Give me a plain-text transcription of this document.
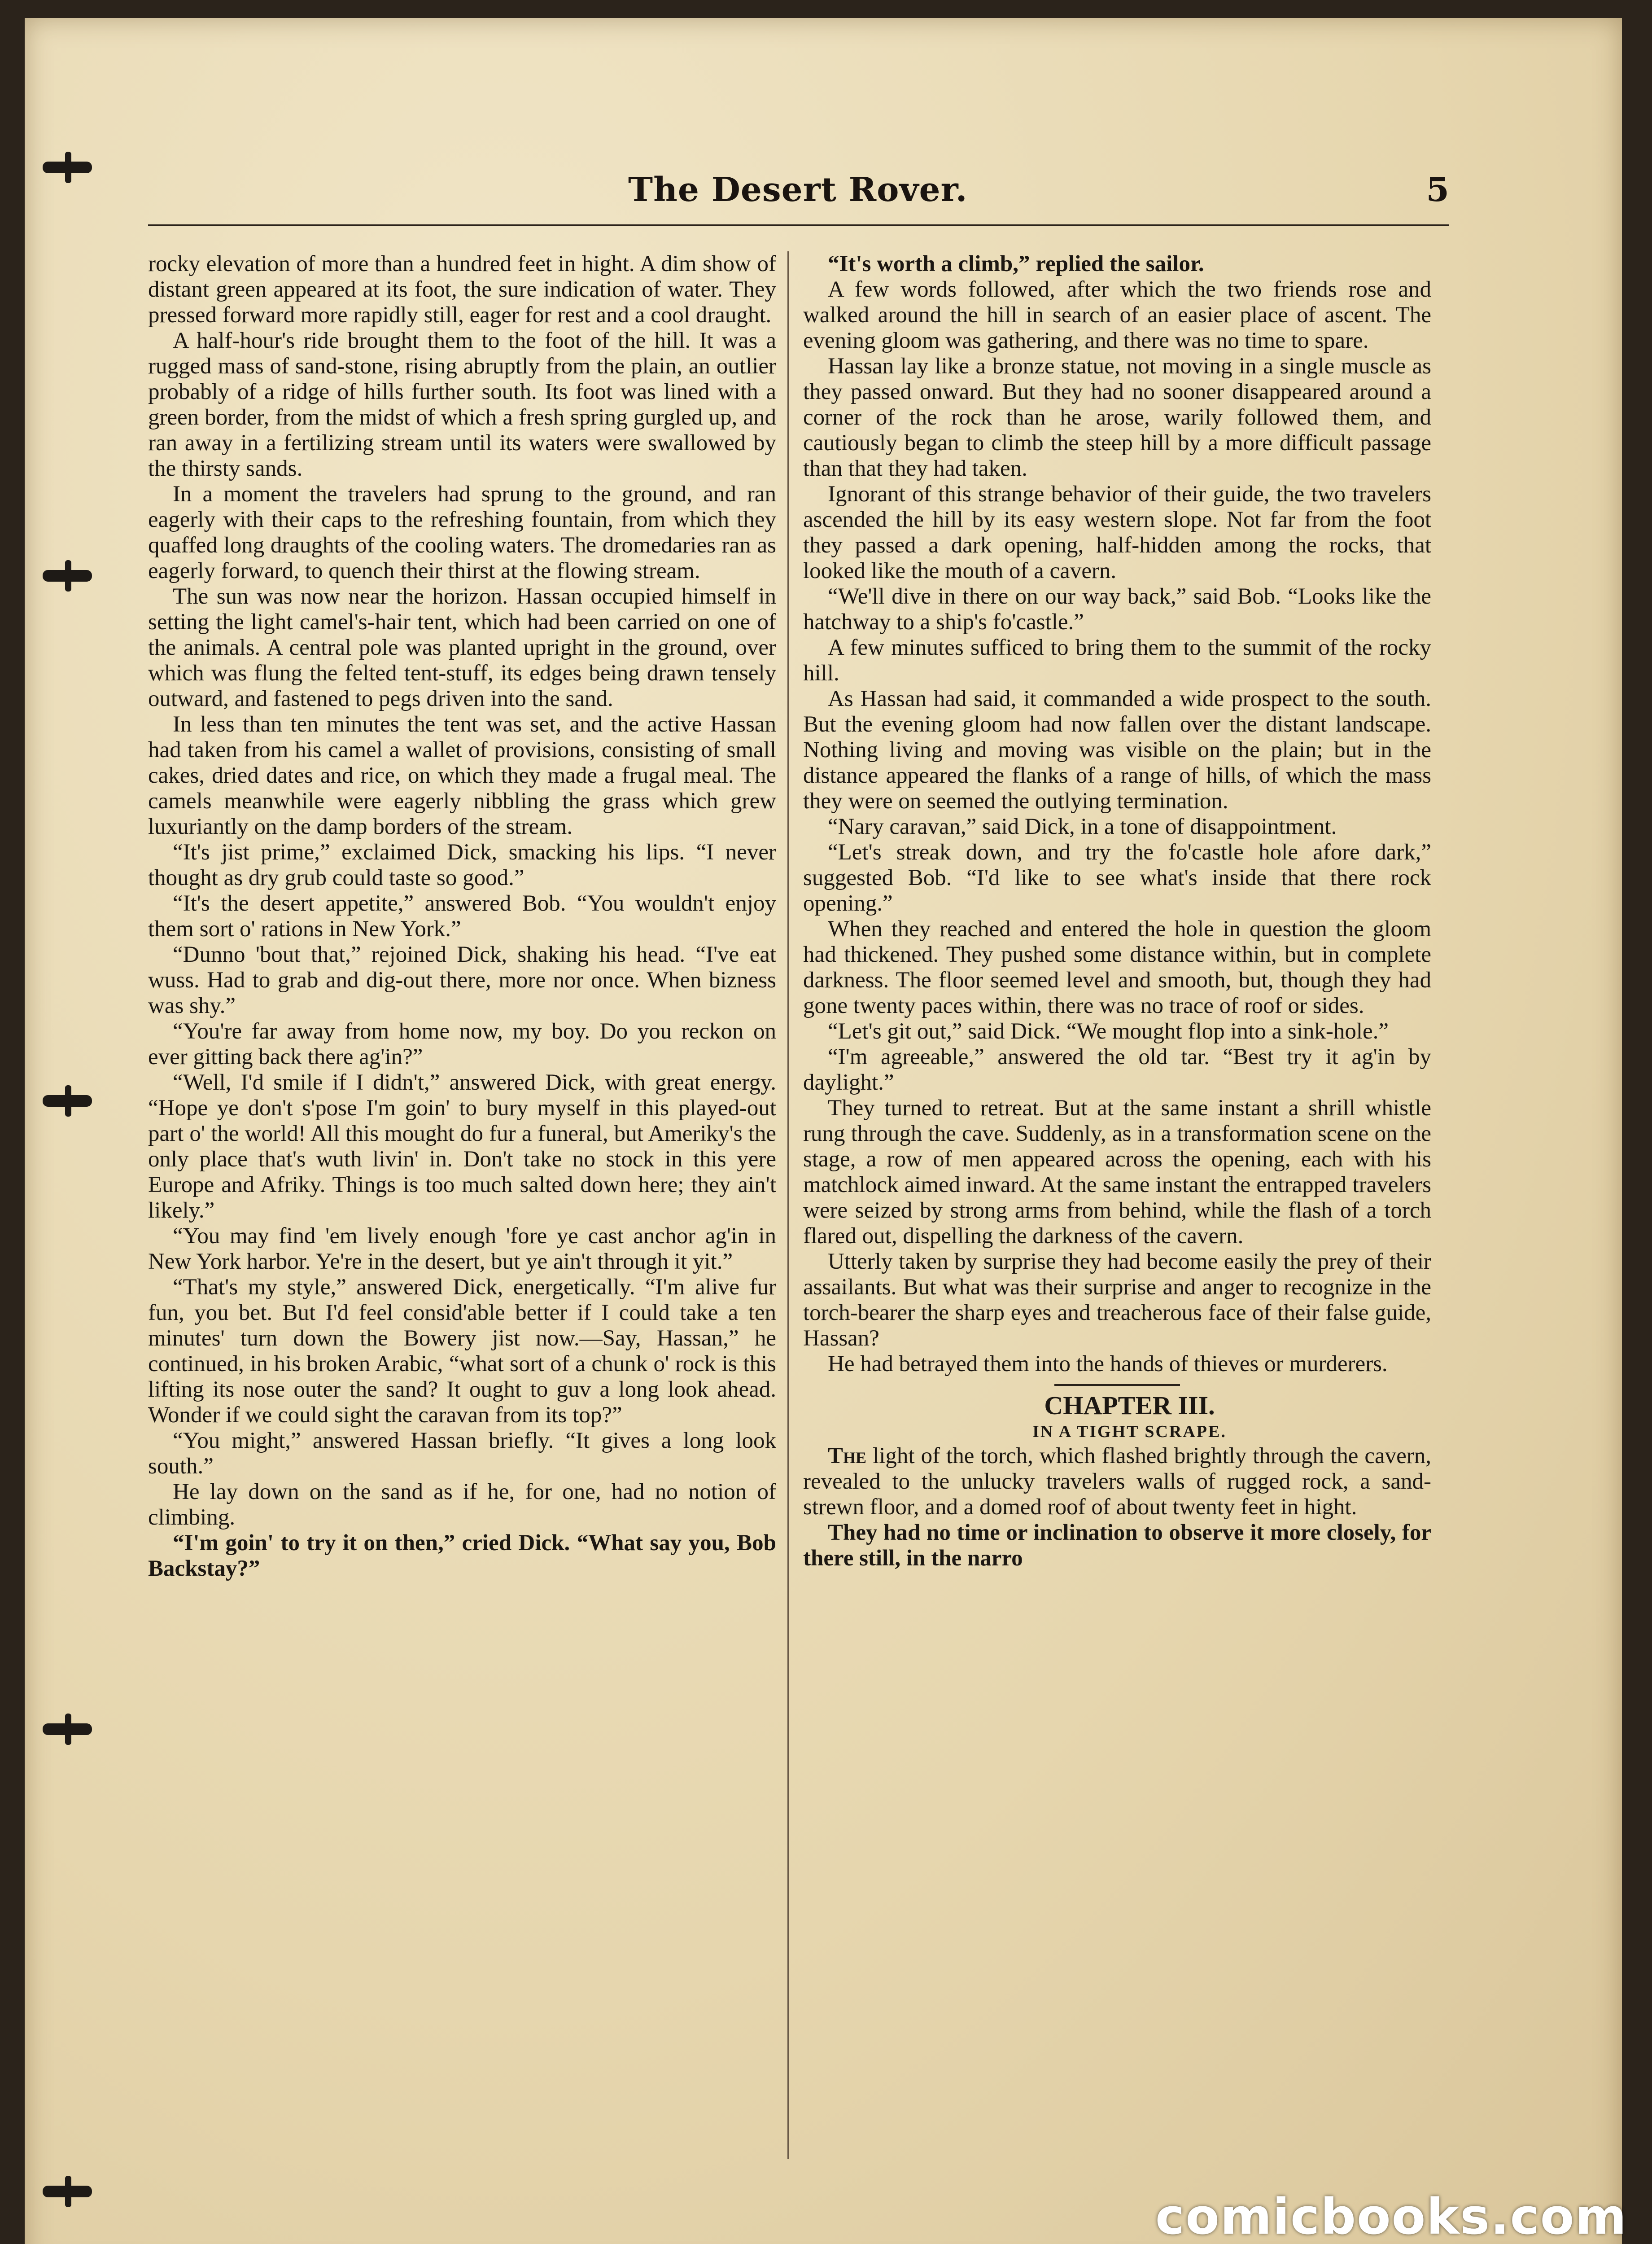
The Desert Rover.	5

rocky elevation of more than a hundred feet in hight. A dim show of distant green appeared at its foot, the sure indication of water. They pressed forward more rapidly still, eager for rest and a cool draught.

A half-hour's ride brought them to the foot of the hill. It was a rugged mass of sand-stone, rising abruptly from the plain, an outlier probably of a ridge of hills further south. Its foot was lined with a green border, from the midst of which a fresh spring gurgled up, and ran away in a fertilizing stream until its waters were swallowed by the thirsty sands.

In a moment the travelers had sprung to the ground, and ran eagerly with their caps to the refreshing fountain, from which they quaffed long draughts of the cooling waters. The dromedaries ran as eagerly forward, to quench their thirst at the flowing stream.

The sun was now near the horizon. Hassan occupied himself in setting the light camel's-hair tent, which had been carried on one of the animals. A central pole was planted upright in the ground, over which was flung the felted tent-stuff, its edges being drawn tensely outward, and fastened to pegs driven into the sand.

In less than ten minutes the tent was set, and the active Hassan had taken from his camel a wallet of provisions, consisting of small cakes, dried dates and rice, on which they made a frugal meal. The camels meanwhile were eagerly nibbling the grass which grew luxuriantly on the damp borders of the stream.

“It's jist prime,” exclaimed Dick, smacking his lips. “I never thought as dry grub could taste so good.”

“It's the desert appetite,” answered Bob. “You wouldn't enjoy them sort o' rations in New York.”

“Dunno 'bout that,” rejoined Dick, shaking his head. “I've eat wuss. Had to grab and dig-out there, more nor once. When bizness was shy.”

“You're far away from home now, my boy. Do you reckon on ever gitting back there ag'in?”

“Well, I'd smile if I didn't,” answered Dick, with great energy. “Hope ye don't s'pose I'm goin' to bury myself in this played-out part o' the world! All this mought do fur a funeral, but Ameriky's the only place that's wuth livin' in. Don't take no stock in this yere Europe and Afriky. Things is too much salted down here; they ain't likely.”

“You may find 'em lively enough 'fore ye cast anchor ag'in in New York harbor. Ye're in the desert, but ye ain't through it yit.”

“That's my style,” answered Dick, energetically. “I'm alive fur fun, you bet. But I'd feel consid'able better if I could take a ten minutes' turn down the Bowery jist now.—Say, Hassan,” he continued, in his broken Arabic, “what sort of a chunk o' rock is this lifting its nose outer the sand? It ought to guv a long look ahead. Wonder if we could sight the caravan from its top?”

“You might,” answered Hassan briefly. “It gives a long look south.”

He lay down on the sand as if he, for one, had no notion of climbing.

“I'm goin' to try it on then,” cried Dick. “What say you, Bob Backstay?”

“It's worth a climb,” replied the sailor.

A few words followed, after which the two friends rose and walked around the hill in search of an easier place of ascent. The evening gloom was gathering, and there was no time to spare.

Hassan lay like a bronze statue, not moving in a single muscle as they passed onward. But they had no sooner disappeared around a corner of the rock than he arose, warily followed them, and cautiously began to climb the steep hill by a more difficult passage than that they had taken.

Ignorant of this strange behavior of their guide, the two travelers ascended the hill by its easy western slope. Not far from the foot they passed a dark opening, half-hidden among the rocks, that looked like the mouth of a cavern.

“We'll dive in there on our way back,” said Bob. “Looks like the hatchway to a ship's fo'castle.”

A few minutes sufficed to bring them to the summit of the rocky hill.

As Hassan had said, it commanded a wide prospect to the south. But the evening gloom had now fallen over the distant landscape. Nothing living and moving was visible on the plain; but in the distance appeared the flanks of a range of hills, of which the mass they were on seemed the outlying termination.

“Nary caravan,” said Dick, in a tone of disappointment.

“Let's streak down, and try the fo'castle hole afore dark,” suggested Bob. “I'd like to see what's inside that there rock opening.”

When they reached and entered the hole in question the gloom had thickened. They pushed some distance within, but in complete darkness. The floor seemed level and smooth, but, though they had gone twenty paces within, there was no trace of roof or sides.

“Let's git out,” said Dick. “We mought flop into a sink-hole.”

“I'm agreeable,” answered the old tar. “Best try it ag'in by daylight.”

They turned to retreat. But at the same instant a shrill whistle rung through the cave. Suddenly, as in a transformation scene on the stage, a row of men appeared across the opening, each with his matchlock aimed inward. At the same instant the entrapped travelers were seized by strong arms from behind, while the flash of a torch flared out, dispelling the darkness of the cavern.

Utterly taken by surprise they had become easily the prey of their assailants. But what was their surprise and anger to recognize in the torch-bearer the sharp eyes and treacherous face of their false guide, Hassan?

He had betrayed them into the hands of thieves or murderers.

CHAPTER III.

IN A TIGHT SCRAPE.

The light of the torch, which flashed brightly through the cavern, revealed to the unlucky travelers walls of rugged rock, a sand-strewn floor, and a domed roof of about twenty feet in hight.

They had no time or inclination to observe it more closely, for there still, in the narro

comicbooks.com
